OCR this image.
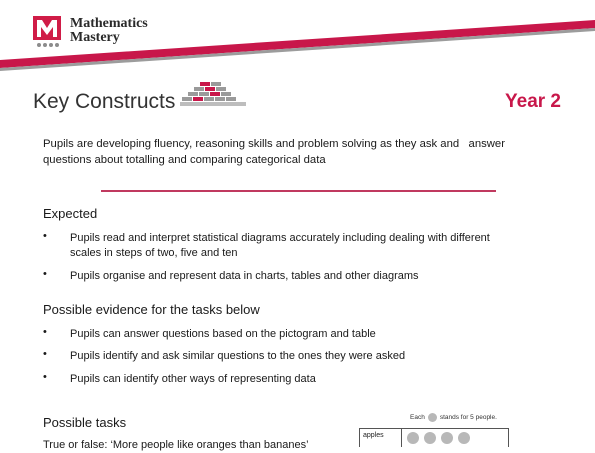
Mathematics
Mastery
Key Constructs	Year 2
Pupils are developing fluency, reasoning skills and problem solving as they ask and   answer
questions about totalling and comparing categorical data
Expected
• Pupils read and interpret statistical diagrams accurately including dealing with different
scales in steps of two, five and ten
• Pupils organise and represent data in charts, tables and other diagrams
Possible evidence for the tasks below
• Pupils can answer questions based on the pictogram and table
• Pupils identify and ask similar questions to the ones they were asked
• Pupils can identify other ways of representing data
Possible tasks
True or false: ‘More people like oranges than bananes’
Each stands for 5 people.
apples
